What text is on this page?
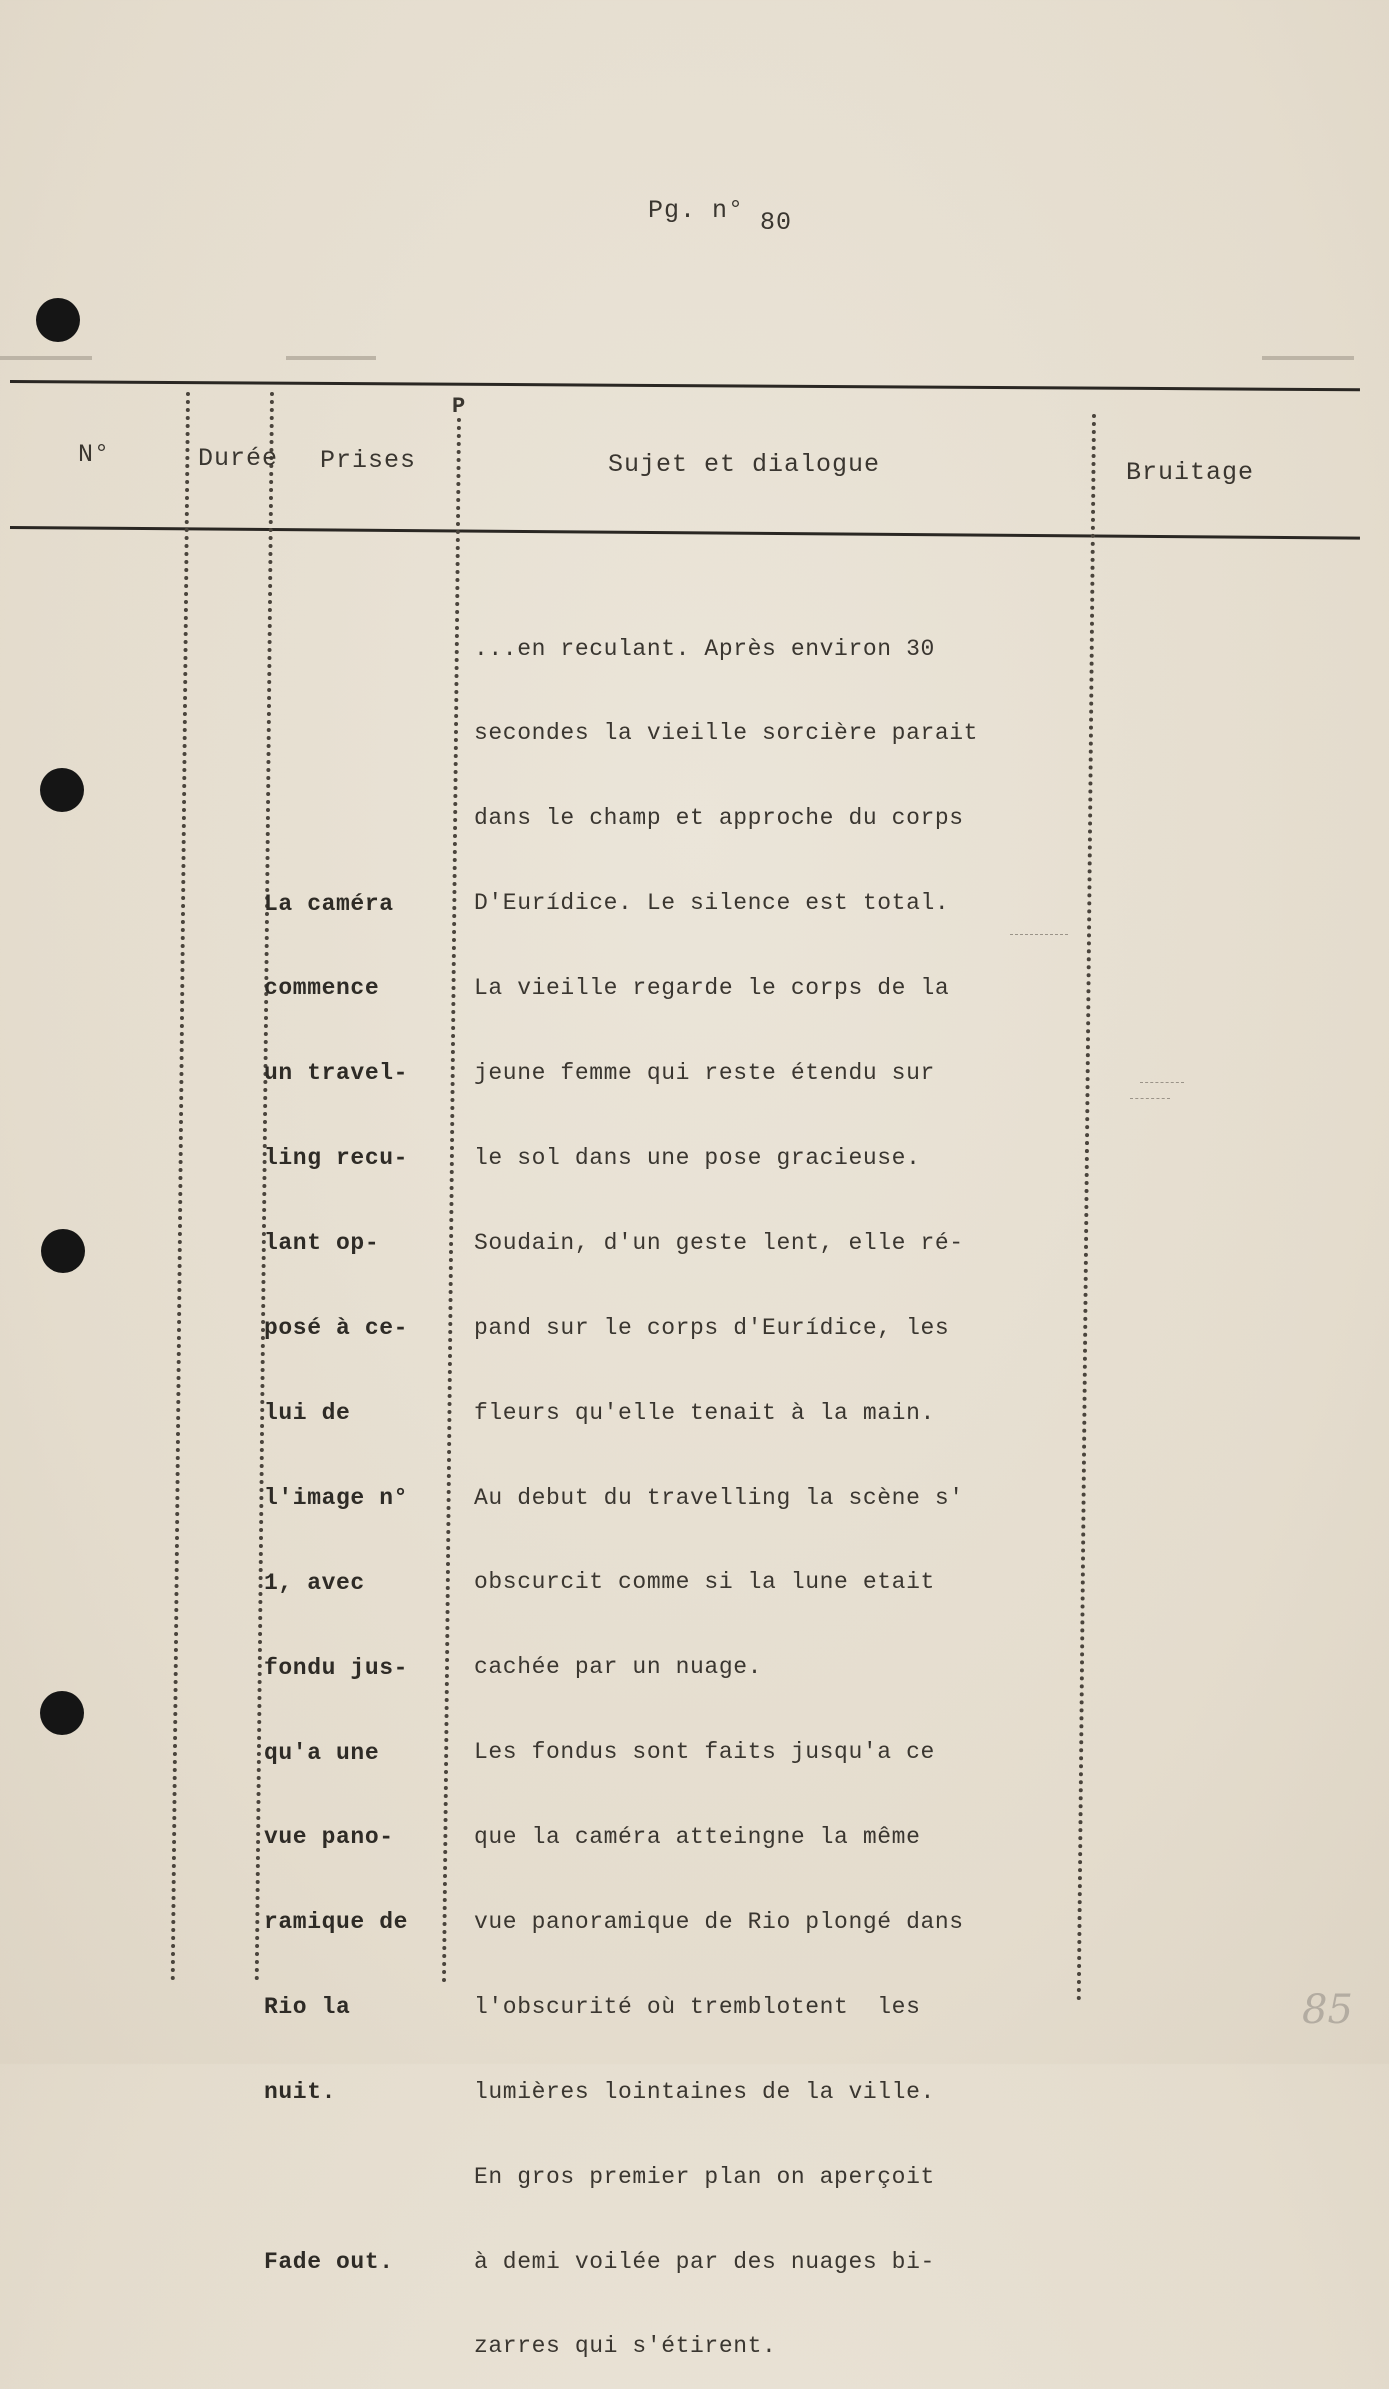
Pg. n° 80
N°	Durée Prises
P
Sujet et dialogue	Bruitage

La caméra

commence

un travel-

ling recu-

lant op-

posé à ce-

lui de

l'image n°

1, avec

fondu jus-

qu'a une

vue pano-

ramique de

Rio la

nuit.

Fade out.

...en reculant. Après environ 30

secondes la vieille sorcière parait

dans le champ et approche du corps

D'Eurídice. Le silence est total.

La vieille regarde le corps de la

jeune femme qui reste étendu sur

le sol dans une pose gracieuse.

Soudain, d'un geste lent, elle ré-

pand sur le corps d'Eurídice, les

fleurs qu'elle tenait à la main.

Au debut du travelling la scène s'

obscurcit comme si la lune etait

cachée par un nuage.

Les fondus sont faits jusqu'a ce

que la caméra atteingne la même

vue panoramique de Rio plongé dans

l'obscurité où tremblotent  les

lumières lointaines de la ville.

En gros premier plan on aperçoit

à demi voilée par des nuages bi-

zarres qui s'étirent.

85
